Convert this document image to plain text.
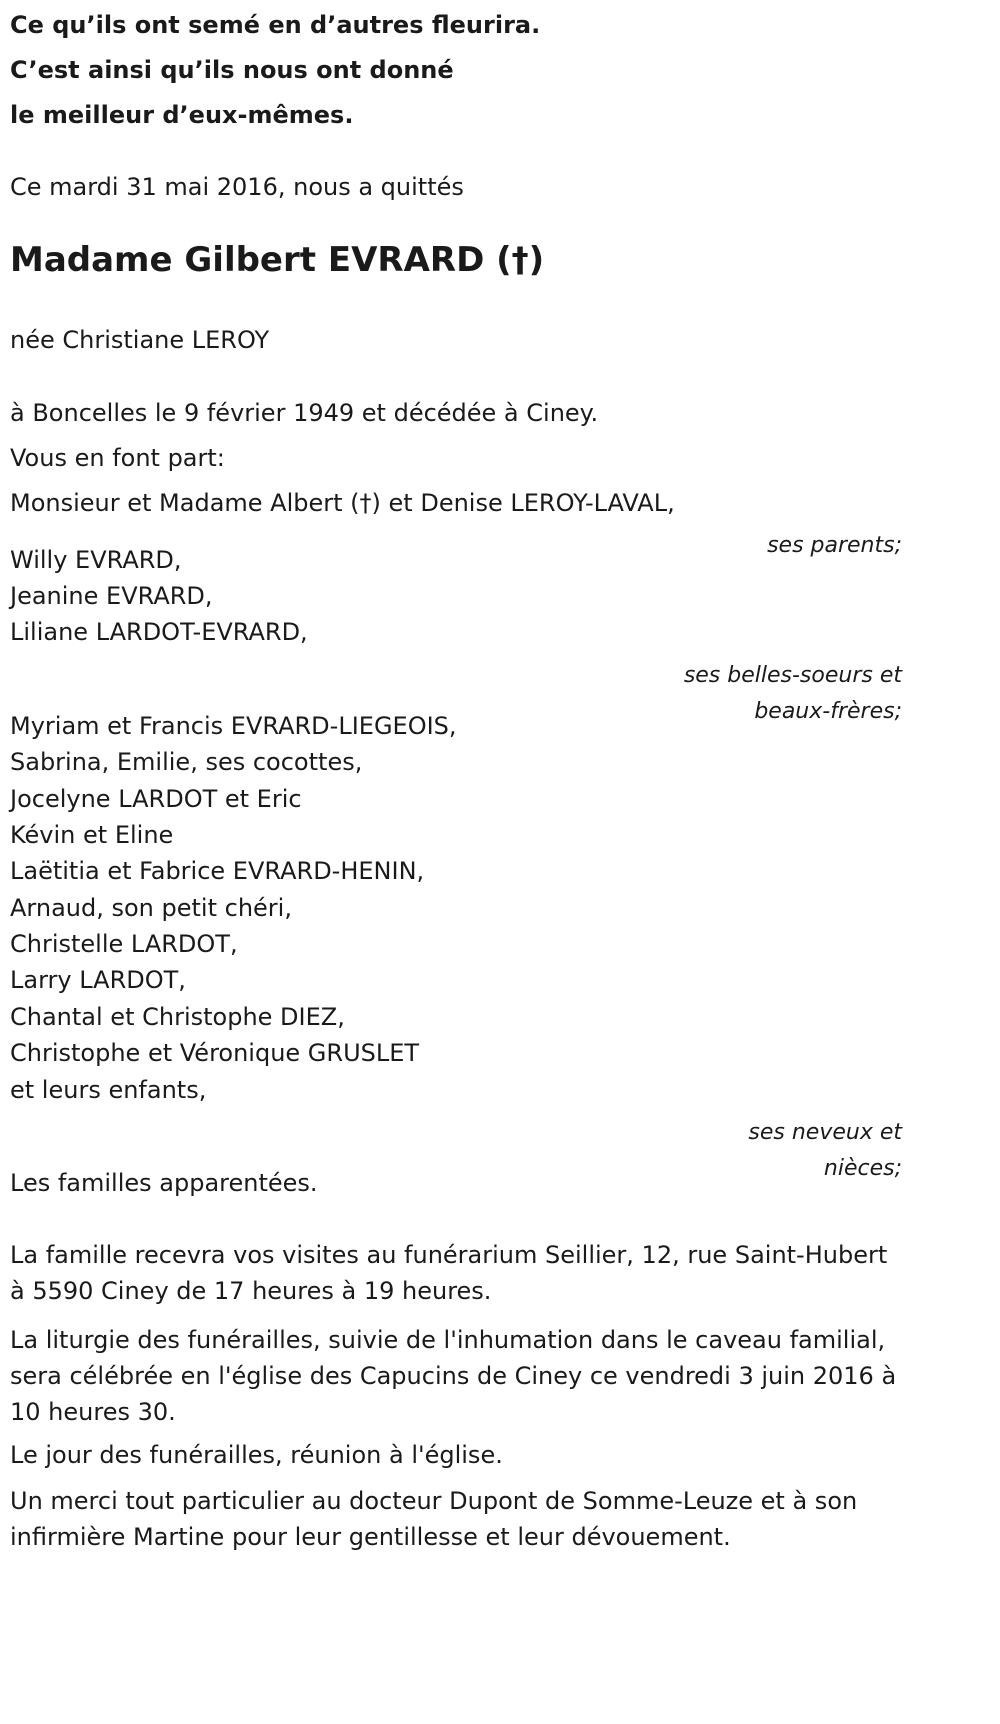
Ce qu’ils ont semé en d’autres fleurira.

C’est ainsi qu’ils nous ont donné

le meilleur d’eux-mêmes.

Ce mardi 31 mai 2016, nous a quittés

Madame Gilbert EVRARD (†)

née Christiane LEROY

à Boncelles le 9 février 1949 et décédée à Ciney.

Vous en font part:

Monsieur et Madame Albert (†) et Denise LEROY-LAVAL,

ses parents;

Willy EVRARD,

Jeanine EVRARD,

Liliane LARDOT-EVRARD,

ses belles-soeurs et

beaux-frères;

Myriam et Francis EVRARD-LIEGEOIS,

Sabrina, Emilie, ses cocottes,

Jocelyne LARDOT et Eric

Kévin et Eline

Laëtitia et Fabrice EVRARD-HENIN,

Arnaud, son petit chéri,

Christelle LARDOT,

Larry LARDOT,

Chantal et Christophe DIEZ,

Christophe et Véronique GRUSLET

et leurs enfants,

ses neveux et

nièces;

Les familles apparentées.

La famille recevra vos visites au funérarium Seillier, 12, rue Saint-Hubert à 5590 Ciney de 17 heures à 19 heures.

La liturgie des funérailles, suivie de l'inhumation dans le caveau familial, sera célébrée en l'église des Capucins de Ciney ce vendredi 3 juin 2016 à 10 heures 30.

Le jour des funérailles, réunion à l'église.

Un merci tout particulier au docteur Dupont de Somme-Leuze et à son infirmière Martine pour leur gentillesse et leur dévouement.
